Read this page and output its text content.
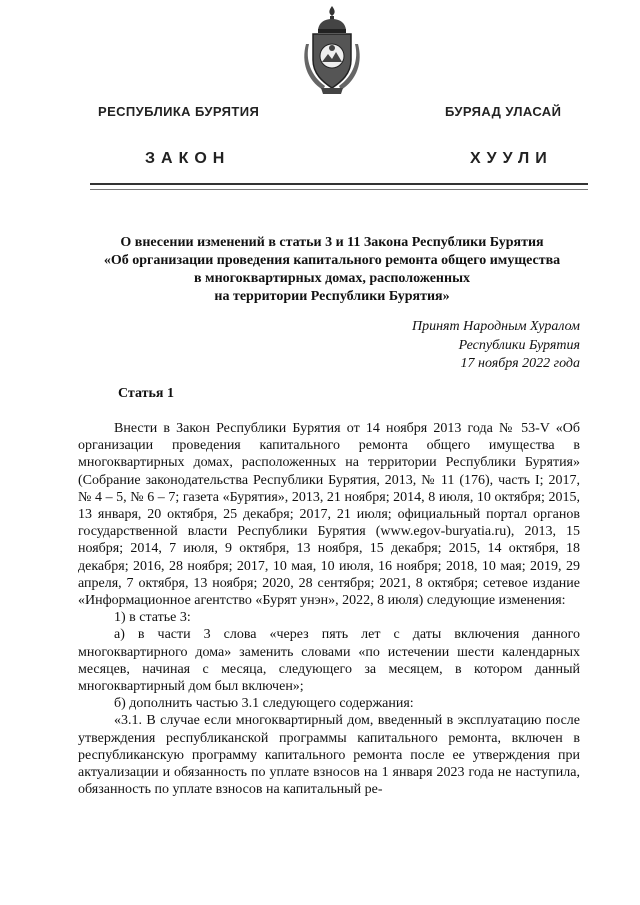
РЕСПУБЛИКА БУРЯТИЯ	БУРЯАД УЛАСАЙ
ЗАКОН	ХУУЛИ
О внесении изменений в статьи 3 и 11 Закона Республики Бурятия
«Об организации проведения капитального ремонта общего имущества
в многоквартирных домах, расположенных
на территории Республики Бурятия»
Принят Народным Хуралом
Республики Бурятия
17 ноября 2022 года
Статья 1

Внести в Закон Республики Бурятия от 14 ноября 2013 года № 53-V «Об организации проведения капитального ремонта общего имущества в многоквартирных домах, расположенных на территории Республики Бурятия» (Собрание законодательства Республики Бурятия, 2013, № 11 (176), часть I; 2017, № 4 – 5, № 6 – 7; газета «Бурятия», 2013, 21 ноября; 2014, 8 июля, 10 октября; 2015, 13 января, 20 октября, 25 декабря; 2017, 21 июля; официальный портал органов государственной власти Республики Бурятия (www.egov-buryatia.ru), 2013, 15 ноября; 2014, 7 июля, 9 октября, 13 ноября, 15 декабря; 2015, 14 октября, 18 декабря; 2016, 28 ноября; 2017, 10 мая, 10 июля, 16 ноября; 2018, 10 мая; 2019, 29 апреля, 7 октября, 13 ноября; 2020, 28 сентября; 2021, 8 октября; сетевое издание «Информационное агентство «Бурят унэн», 2022, 8 июля) следующие изменения:

1) в статье 3:

а) в части 3 слова «через пять лет с даты включения данного многоквартирного дома» заменить словами «по истечении шести календарных месяцев, начиная с месяца, следующего за месяцем, в котором данный многоквартирный дом был включен»;

б) дополнить частью 3.1 следующего содержания:

«3.1. В случае если многоквартирный дом, введенный в эксплуатацию после утверждения республиканской программы капитального ремонта, включен в республиканскую программу капитального ремонта после ее утверждения при актуализации и обязанность по уплате взносов на 1 января 2023 года не наступила, обязанность по уплате взносов на капитальный ре-
